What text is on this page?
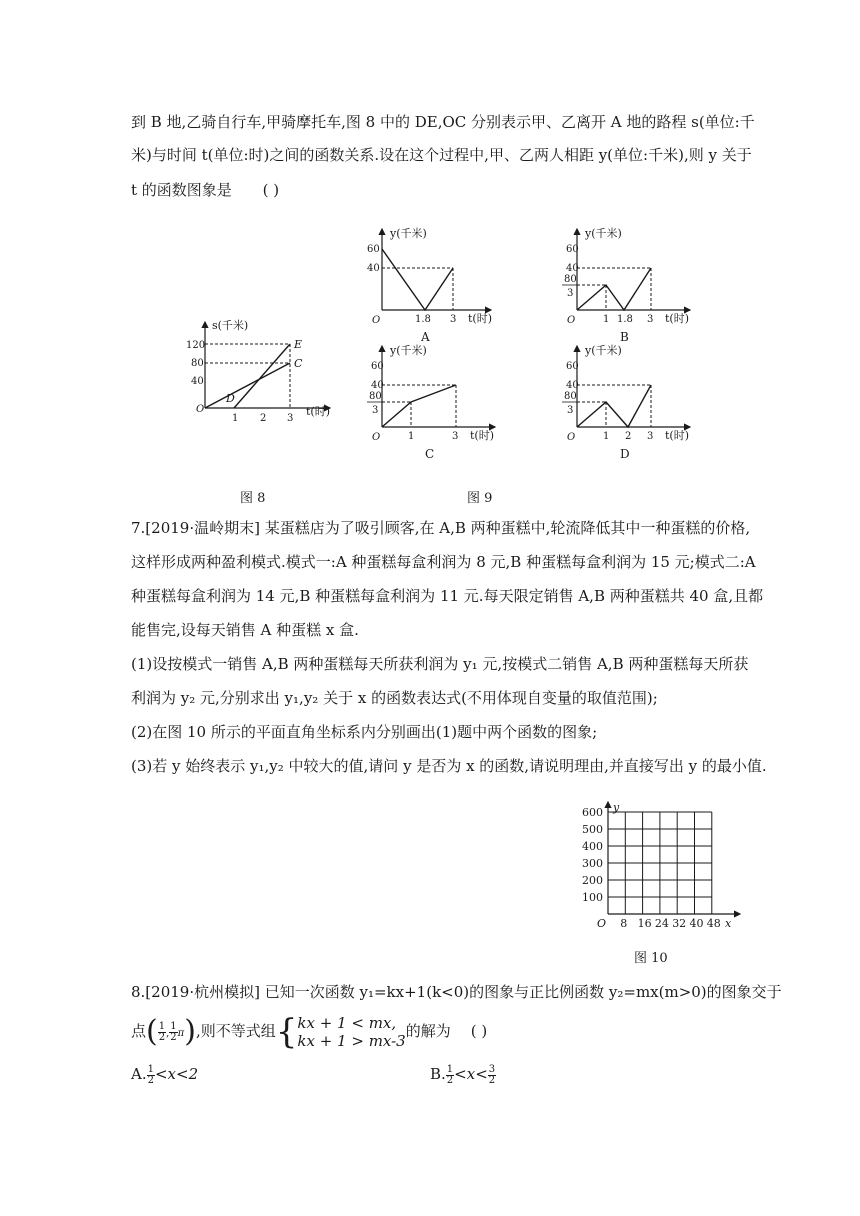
到 B 地,乙骑自行车,甲骑摩托车,图 8 中的 DE,OC 分别表示甲、乙离开 A 地的路程 s(单位:千
米)与时间 t(单位:时)之间的函数关系.设在这个过程中,甲、乙两人相距 y(单位:千米),则 y 关于
t 的函数图象是 ( )
s(千米)
t(时)
O
120
80
40
1 2 3
E
C
D
y(千米)
t(时)
O
60
40
1.8 3
A
y(千米)
t(时)
O
60
40
80
3
1 1.8 3
B
y(千米)
t(时)
O
60
40
80
3
1	3
C
y(千米)
t(时)
O
60
40
80
3
1 2 3
D
图 8	图 9
7.[2019·温岭期末] 某蛋糕店为了吸引顾客,在 A,B 两种蛋糕中,轮流降低其中一种蛋糕的价格,
这样形成两种盈利模式.模式一:A 种蛋糕每盒利润为 8 元,B 种蛋糕每盒利润为 15 元;模式二:A
种蛋糕每盒利润为 14 元,B 种蛋糕每盒利润为 11 元.每天限定销售 A,B 两种蛋糕共 40 盒,且都
能售完,设每天销售 A 种蛋糕 x 盒.
(1)设按模式一销售 A,B 两种蛋糕每天所获利润为 y₁ 元,按模式二销售 A,B 两种蛋糕每天所获
利润为 y₂ 元,分别求出 y₁,y₂ 关于 x 的函数表达式(不用体现自变量的取值范围);
(2)在图 10 所示的平面直角坐标系内分别画出(1)题中两个函数的图象;
(3)若 y 始终表示 y₁,y₂ 中较大的值,请问 y 是否为 x 的函数,请说明理由,并直接写出 y 的最小值.
y
x
O
100
200
300
400
500
600
8 16 24 32 40 48
图 10
8.[2019·杭州模拟] 已知一次函数 y₁=kx+1(k<0)的图象与正比例函数 y₂=mx(m>0)的图象交于
点( $\frac{1}{2}$ , $\frac{1}{2} \pi$),则不等式组{ kx + 1 < mx,
kx + 1 > mx-3
的解为 ( )
A. $\frac{1}{2} <x<2$	B. $\frac{1}{2} <x< \frac{3}{2}$
